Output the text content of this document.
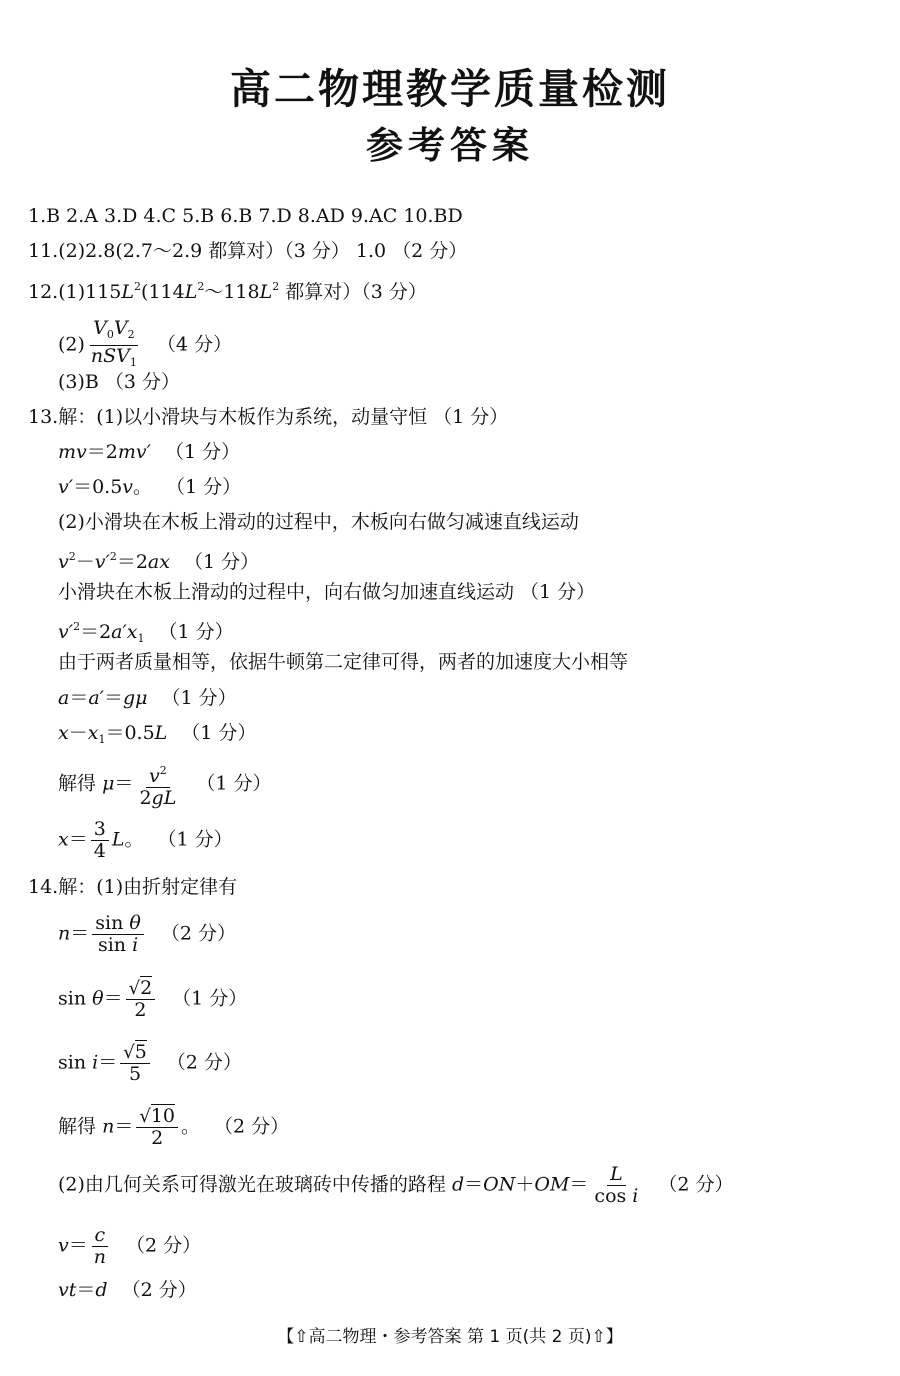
高二物理教学质量检测
参考答案
1.B 2.A 3.D 4.C 5.B 6.B 7.D 8.AD 9.AC 10.BD
11.(2)2.8(2.7～2.9 都算对）（3 分） 1.0 （2 分）
$12.(1)115L^2(114L^2\sim 118L^2$ 都算对）（3 分）
$(2) \frac{V_0V_2}{nSV_1} (4$ 分）
(3)B （3 分）
13.解：(1)以小滑块与木板作为系统，动量守恒 （1 分）
mv＝2mv′ （1 分）
v′＝0.5v。 （1 分）
(2)小滑块在木板上滑动的过程中，木板向右做匀减速直线运动
$v^2-v'^2=2ax$ （1 分）
小滑块在木板上滑动的过程中，向右做匀加速直线运动 （1 分）
$v'^2=2a'x_1$ （1 分）
由于两者质量相等，依据牛顿第二定律可得，两者的加速度大小相等
a＝a′＝gμ （1 分）
$x-x_1=0.5L$ （1 分）
解得 $\mu= \frac{v^2}{2gL} (1$ 分）
$x= \frac{3}{4}$ L。 （1 分）
14.解：(1)由折射定律有
$n= \frac{\text{sin θ}}{\text{sin i}} (2$ 分）
$\sin \theta= \frac{√2}{2} (1$ 分）
$\sin i= \frac{√5}{5} (2$ 分）
解得 $n= \frac{√10}{2}$ 。 （2 分）
(2)由几何关系可得激光在玻璃砖中传播的路程 $d=ON+OM= \frac{L}{\text{cos i}} (2$ 分）
$v= \frac{c}{n} (2$ 分）
vt＝d （2 分）
【⇧高二物理・参考答案 第 1 页(共 2 页)⇧】
